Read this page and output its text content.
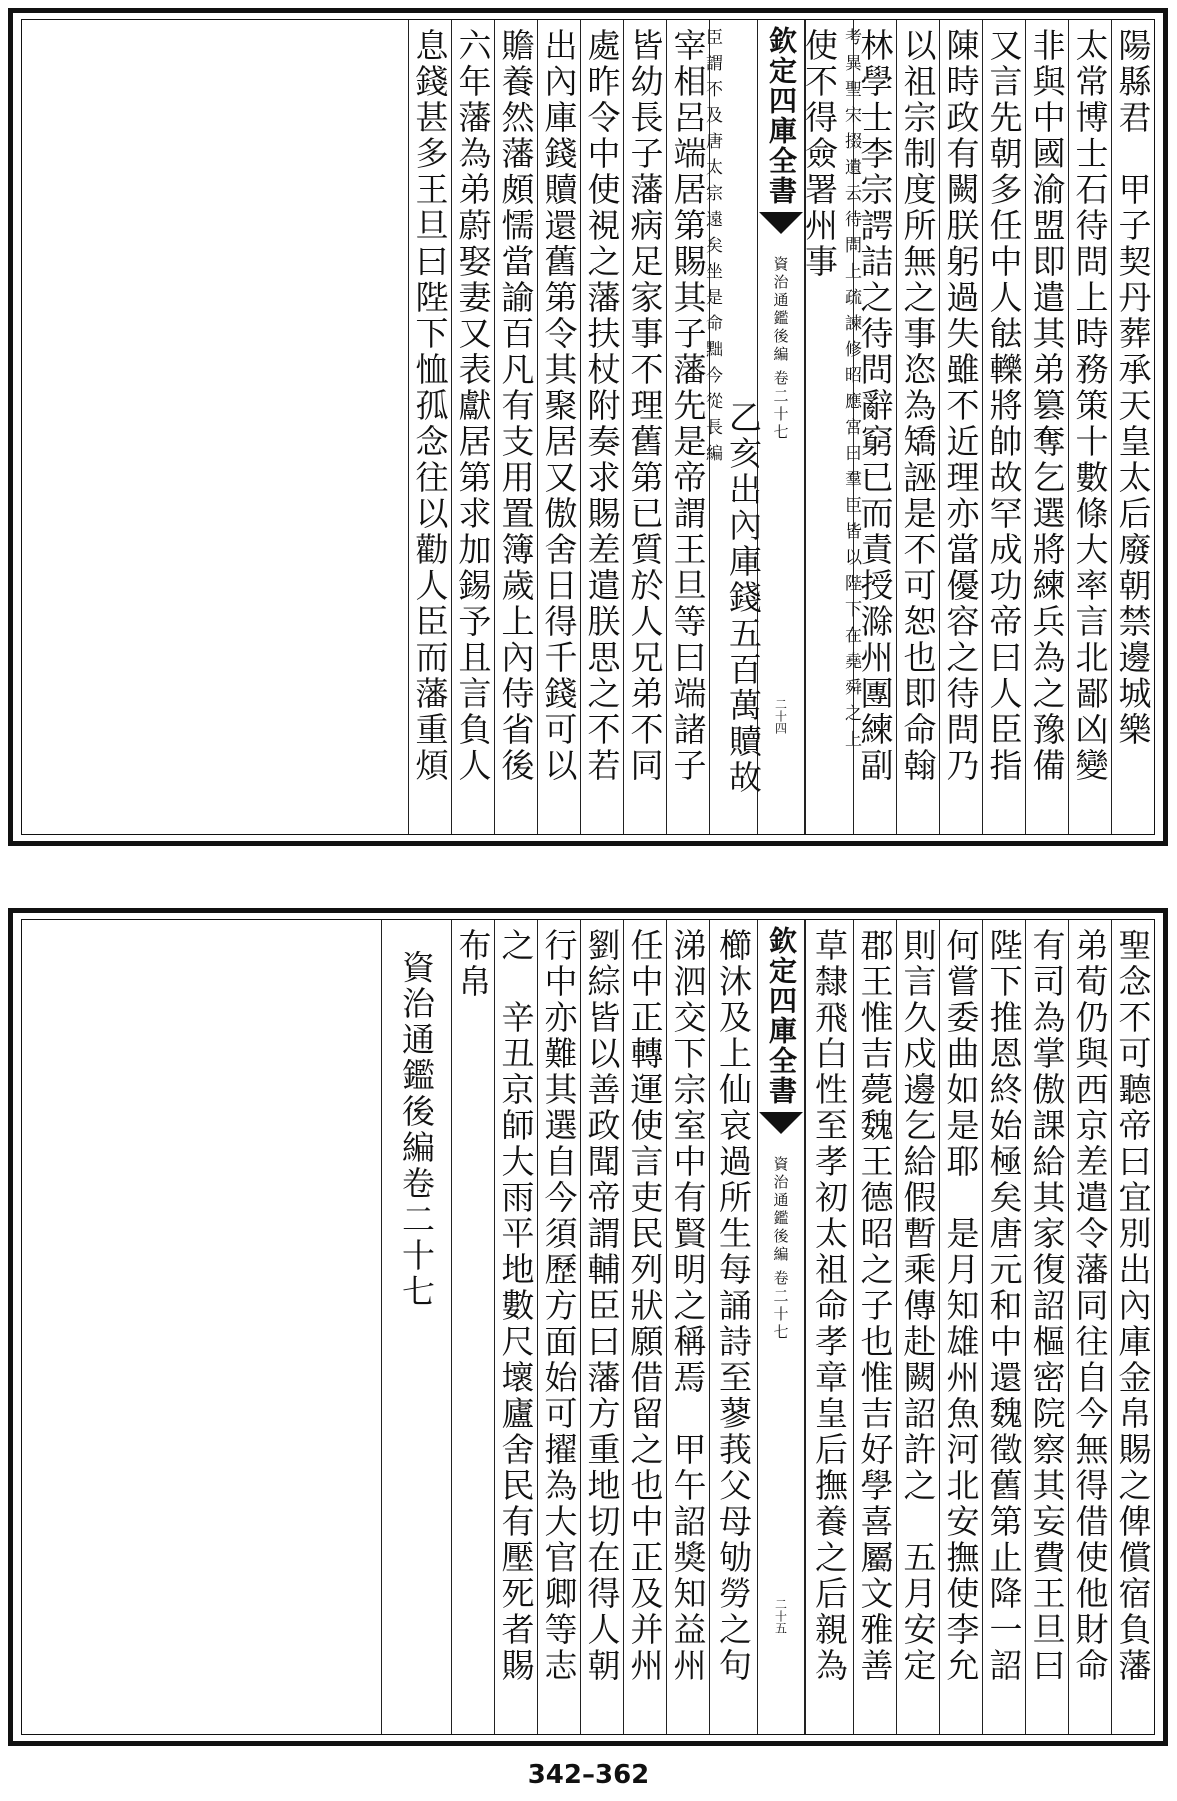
陽縣君　甲子契丹葬承天皇太后廢朝禁邊城樂
太常博士石待問上時務策十數條大率言北鄙凶變
非與中國渝盟即遣其弟篡奪乞選將練兵為之豫備
又言先朝多任中人䏻轢將帥故罕成功帝曰人臣指
陳時政有闕朕躬過失雖不近理亦當優容之待問乃
以祖宗制度所無之事恣為矯誣是不可恕也即命翰
林學士李宗諤詰之待問辭窮已而責授滁州團練副
使不得僉署州事 考異聖宋掇遺云待問上疏諫修昭應宮曰羣臣皆以陛下在堯舜之上
欽定四庫全書
資治通鑑後編
卷二十七
二十四
臣謂不及唐太宗遠矣坐是命黜今從長編
乙亥出內庫錢五百萬贖故
宰相呂端居第賜其子藩先是帝謂王旦等曰端諸子
皆幼長子藩病足家事不理舊第已質於人兄弟不同
處昨令中使視之藩扶杖附奏求賜差遣朕思之不若
出內庫錢贖還舊第令其聚居又傲舍日得千錢可以
贍養然藩頗懦當諭百凡有支用置簿歲上內侍省後
六年藩為弟蔚娶妻又表獻居第求加錫予且言負人
息錢甚多王旦曰陛下恤孤念往以勸人臣而藩重煩
聖念不可聽帝曰宜別出內庫金帛賜之俾償宿負藩
弟荀仍與西京差遣令藩同往自今無得借使他財命
有司為掌傲課給其家復詔樞密院察其妄費王旦曰
陛下推恩終始極矣唐元和中還魏徵舊第止降一詔
何嘗委曲如是耶　是月知雄州魚河北安撫使李允
則言久戍邊乞給假暫乘傳赴闕詔許之　五月安定
郡王惟吉薨魏王德昭之子也惟吉好學喜屬文雅善
草隸飛白性至孝初太祖命孝章皇后撫養之后親為
欽定四庫全書
資治通鑑後編
卷二十七
二十五
櫛沐及上仙哀過所生每誦詩至蓼莪父母劬勞之句
涕泗交下宗室中有賢明之稱焉　甲午詔獎知益州
任中正轉運使言吏民列狀願借留之也中正及并州
劉綜皆以善政聞帝謂輔臣曰藩方重地切在得人朝
行中亦難其選自今須歷方面始可擢為大官卿等志
之　辛丑京師大雨平地數尺壞廬舍民有壓死者賜
布帛
資治通鑑後編卷二十七
342–362
